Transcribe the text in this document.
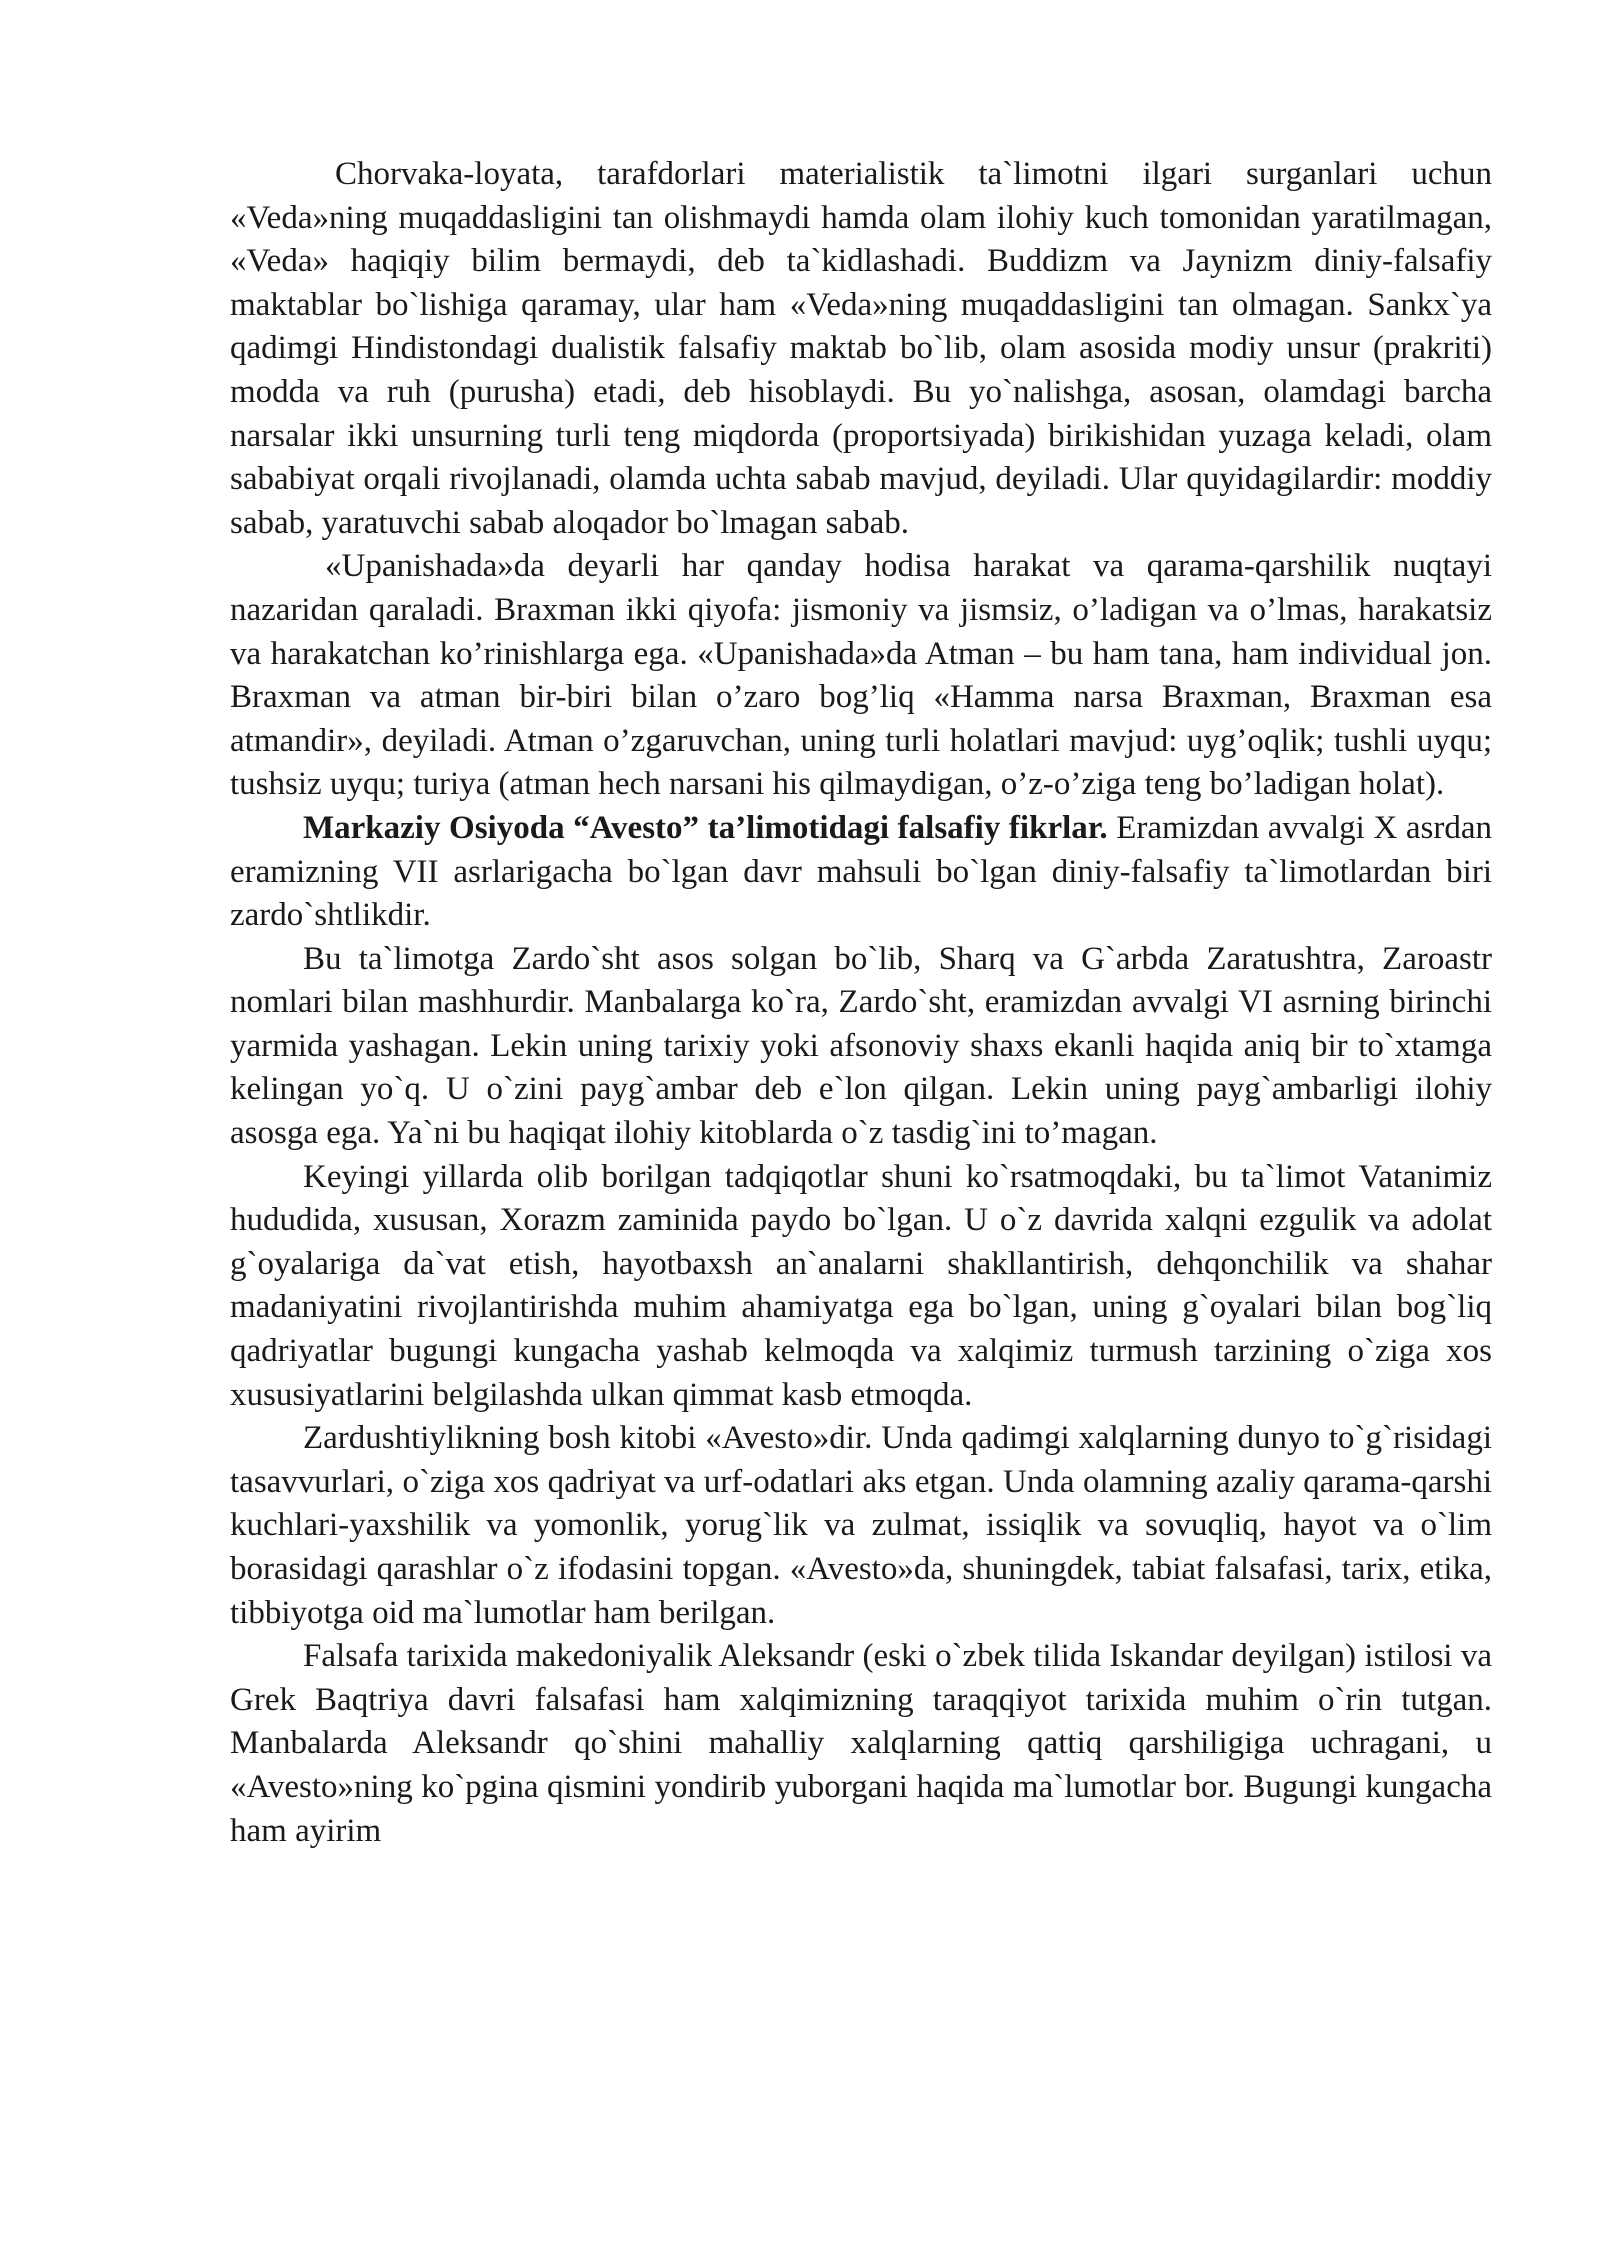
Chorvaka-loyata, tarafdorlari materialistik ta`limotni ilgari surganlari uchun «Veda»ning muqaddasligini tan olishmaydi hamda olam ilohiy kuch tomonidan yaratilmagan, «Veda» haqiqiy bilim bermaydi, deb ta`kidlashadi. Buddizm va Jaynizm diniy-falsafiy maktablar bo`lishiga qaramay, ular ham «Veda»ning muqaddasligini tan olmagan. Sankx`ya qadimgi Hindistondagi dualistik falsafiy maktab bo`lib, olam asosida modiy unsur (prakriti) modda va ruh (purusha) etadi, deb hisoblaydi. Bu yo`nalishga, asosan, olamdagi barcha narsalar ikki unsurning turli teng miqdorda (proportsiyada) birikishidan yuzaga keladi, olam sababiyat orqali rivojlanadi, olamda uchta sabab mavjud, deyiladi. Ular quyidagilardir: moddiy sabab, yaratuvchi sabab aloqador bo`lmagan sabab.

«Upanishada»da deyarli har qanday hodisa harakat va qarama-qarshilik nuqtayi nazaridan qaraladi. Braxman ikki qiyofa: jismoniy va jismsiz, o’ladigan va o’lmas, harakatsiz va harakatchan ko’rinishlarga ega. «Upanishada»da Atman – bu ham tana, ham individual jon. Braxman va atman bir-biri bilan o’zaro bog’liq «Hamma narsa Braxman, Braxman esa atmandir», deyiladi. Atman o’zgaruvchan, uning turli holatlari mavjud: uyg’oqlik; tushli uyqu; tushsiz uyqu; turiya (atman hech narsani his qilmaydigan, o’z-o’ziga teng bo’ladigan holat).

Markaziy Osiyoda “Avesto” ta’limotidagi falsafiy fikrlar. Eramizdan avvalgi X asrdan eramizning VII asrlarigacha bo`lgan davr mahsuli bo`lgan diniy-falsafiy ta`limotlardan biri zardo`shtlikdir.

Bu ta`limotga Zardo`sht asos solgan bo`lib, Sharq va G`arbda Zaratushtra, Zaroastr nomlari bilan mashhurdir. Manbalarga ko`ra, Zardo`sht, eramizdan avvalgi VI asrning birinchi yarmida yashagan. Lekin uning tarixiy yoki afsonoviy shaxs ekanli haqida aniq bir to`xtamga kelingan yo`q. U o`zini payg`ambar deb e`lon qilgan. Lekin uning payg`ambarligi ilohiy asosga ega. Ya`ni bu haqiqat ilohiy kitoblarda o`z tasdig`ini to’magan.

Keyingi yillarda olib borilgan tadqiqotlar shuni ko`rsatmoqdaki, bu ta`limot Vatanimiz hududida, xususan, Xorazm zaminida paydo bo`lgan. U o`z davrida xalqni ezgulik va adolat g`oyalariga da`vat etish, hayotbaxsh an`analarni shakllantirish, dehqonchilik va shahar madaniyatini rivojlantirishda muhim ahamiyatga ega bo`lgan, uning g`oyalari bilan bog`liq qadriyatlar bugungi kungacha yashab kelmoqda va xalqimiz turmush tarzining o`ziga xos xususiyatlarini belgilashda ulkan qimmat kasb etmoqda.

Zardushtiylikning bosh kitobi «Avesto»dir. Unda qadimgi xalqlarning dunyo to`g`risidagi tasavvurlari, o`ziga xos qadriyat va urf-odatlari aks etgan. Unda olamning azaliy qarama-qarshi kuchlari-yaxshilik va yomonlik, yorug`lik va zulmat, issiqlik va sovuqliq, hayot va o`lim borasidagi qarashlar o`z ifodasini topgan. «Avesto»da, shuningdek, tabiat falsafasi, tarix, etika, tibbiyotga oid ma`lumotlar ham berilgan.

Falsafa tarixida makedoniyalik Aleksandr (eski o`zbek tilida Iskandar deyilgan) istilosi va Grek Baqtriya davri falsafasi ham xalqimizning taraqqiyot tarixida muhim o`rin tutgan. Manbalarda Aleksandr qo`shini mahalliy xalqlarning qattiq qarshiligiga uchragani, u «Avesto»ning ko`pgina qismini yondirib yuborgani haqida ma`lumotlar bor. Bugungi kungacha ham ayirim
